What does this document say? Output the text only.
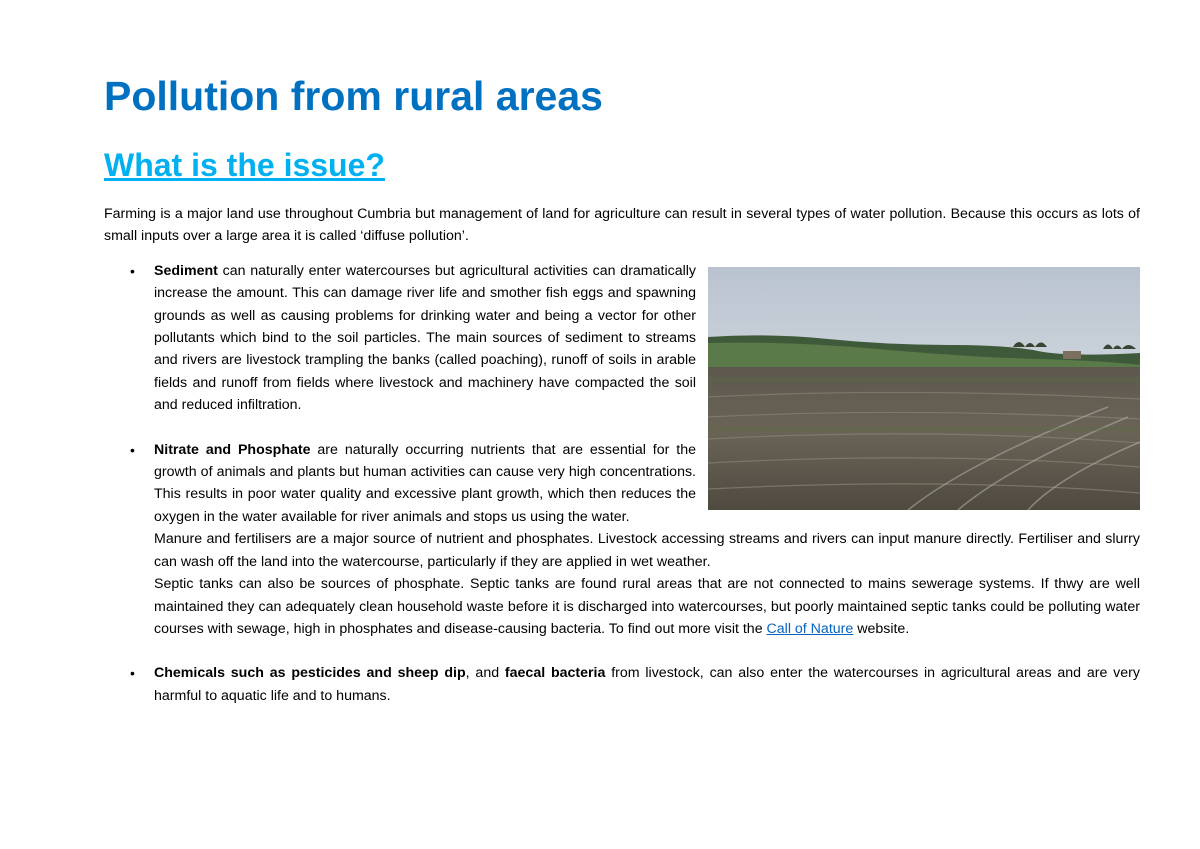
Pollution from rural areas
What is the issue?

Farming is a major land use throughout Cumbria but management of land for agriculture can result in several types of water pollution. Because this occurs as lots of small inputs over a large area it is called ‘diffuse pollution’.

• Sediment
can naturally enter watercourses but agricultural activities can dramatically increase the amount. This can damage river life and smother fish eggs and spawning grounds as well as causing problems for drinking water and being a vector for other pollutants which bind to the soil particles. The main sources of sediment to streams and rivers are livestock trampling the banks (called poaching), runoff of soils in arable fields and runoff from fields where livestock and machinery have compacted the soil and reduced infiltration.
• Nitrate and Phosphate are naturally occurring nutrients that are essential for the growth of animals and plants but human activities can cause very high concentrations. This results in poor water quality and excessive plant growth, which then reduces the oxygen in the water available for river animals and stops us using the water.

Manure and fertilisers are a major source of nutrient and phosphates. Livestock accessing streams and rivers can input manure directly. Fertiliser and slurry can wash off the land into the watercourse, particularly if they are applied in wet weather.

Septic tanks can also be sources of phosphate. Septic tanks are found rural areas that are not connected to mains sewerage systems. If thwy are well maintained they can adequately clean household waste before it is discharged into watercourses, but poorly maintained septic tanks could be polluting water courses with sewage, high in phosphates and disease-causing bacteria. To find out more visit the Call of Nature website.

• Chemicals such as pesticides and sheep dip, and faecal bacteria from livestock, can also enter the watercourses in agricultural areas and are very harmful to aquatic life and to humans.
